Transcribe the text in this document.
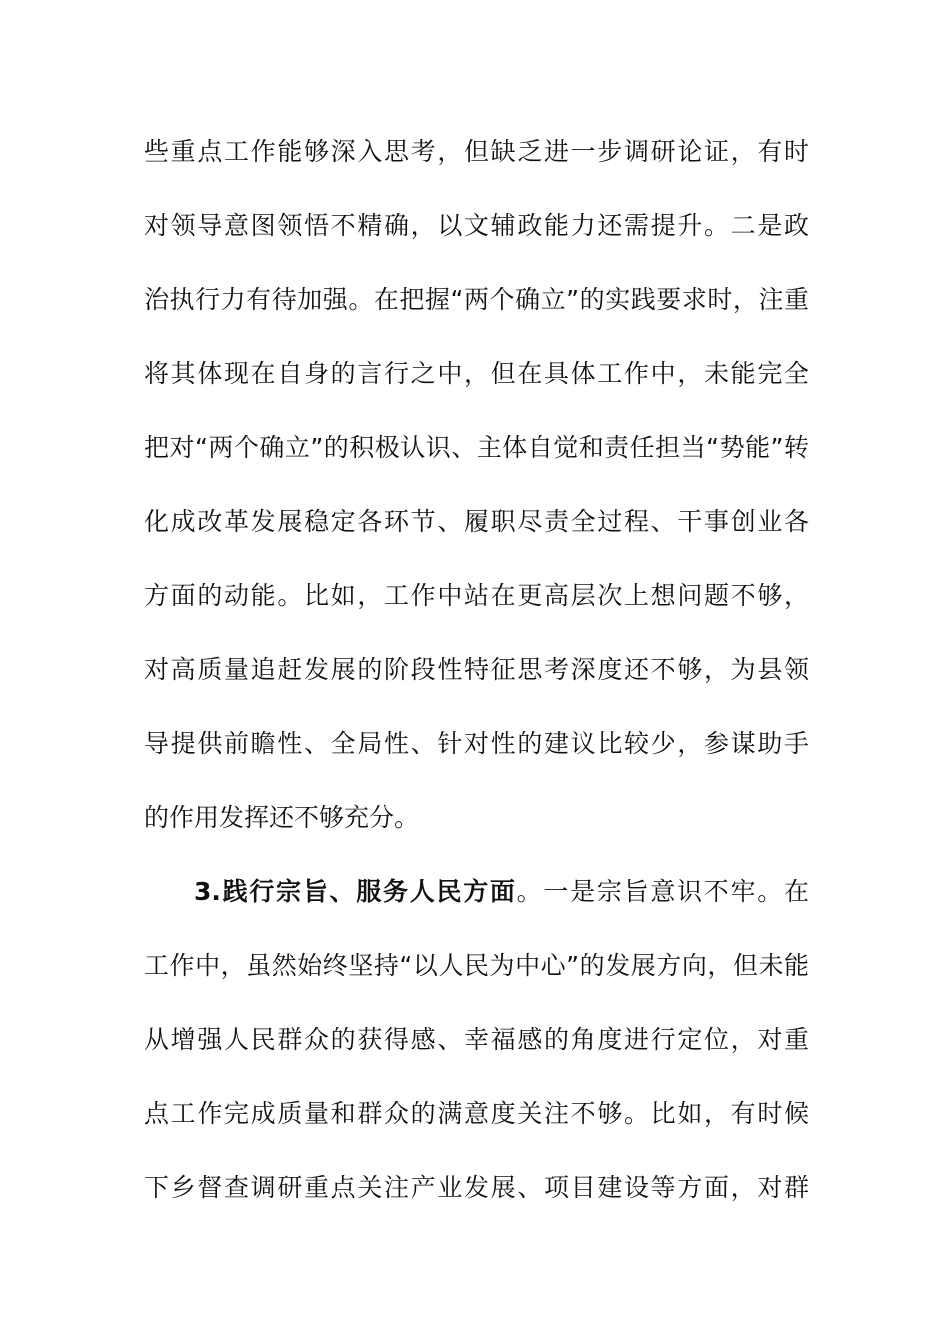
些重点工作能够深入思考，但缺乏进一步调研论证，有时
对领导意图领悟不精确，以文辅政能力还需提升。二是政
治执行力有待加强。在把握“两个确立”的实践要求时，注重
将其体现在自身的言行之中，但在具体工作中，未能完全
把对“两个确立”的积极认识、主体自觉和责任担当“势能”转
化成改革发展稳定各环节、履职尽责全过程、干事创业各
方面的动能。比如，工作中站在更高层次上想问题不够，
对高质量追赶发展的阶段性特征思考深度还不够，为县领
导提供前瞻性、全局性、针对性的建议比较少，参谋助手
的作用发挥还不够充分。
3.践行宗旨、服务人民方面。一是宗旨意识不牢。在
工作中，虽然始终坚持“以人民为中心”的发展方向，但未能
从增强人民群众的获得感、幸福感的角度进行定位，对重
点工作完成质量和群众的满意度关注不够。比如，有时候
下乡督查调研重点关注产业发展、项目建设等方面，对群
